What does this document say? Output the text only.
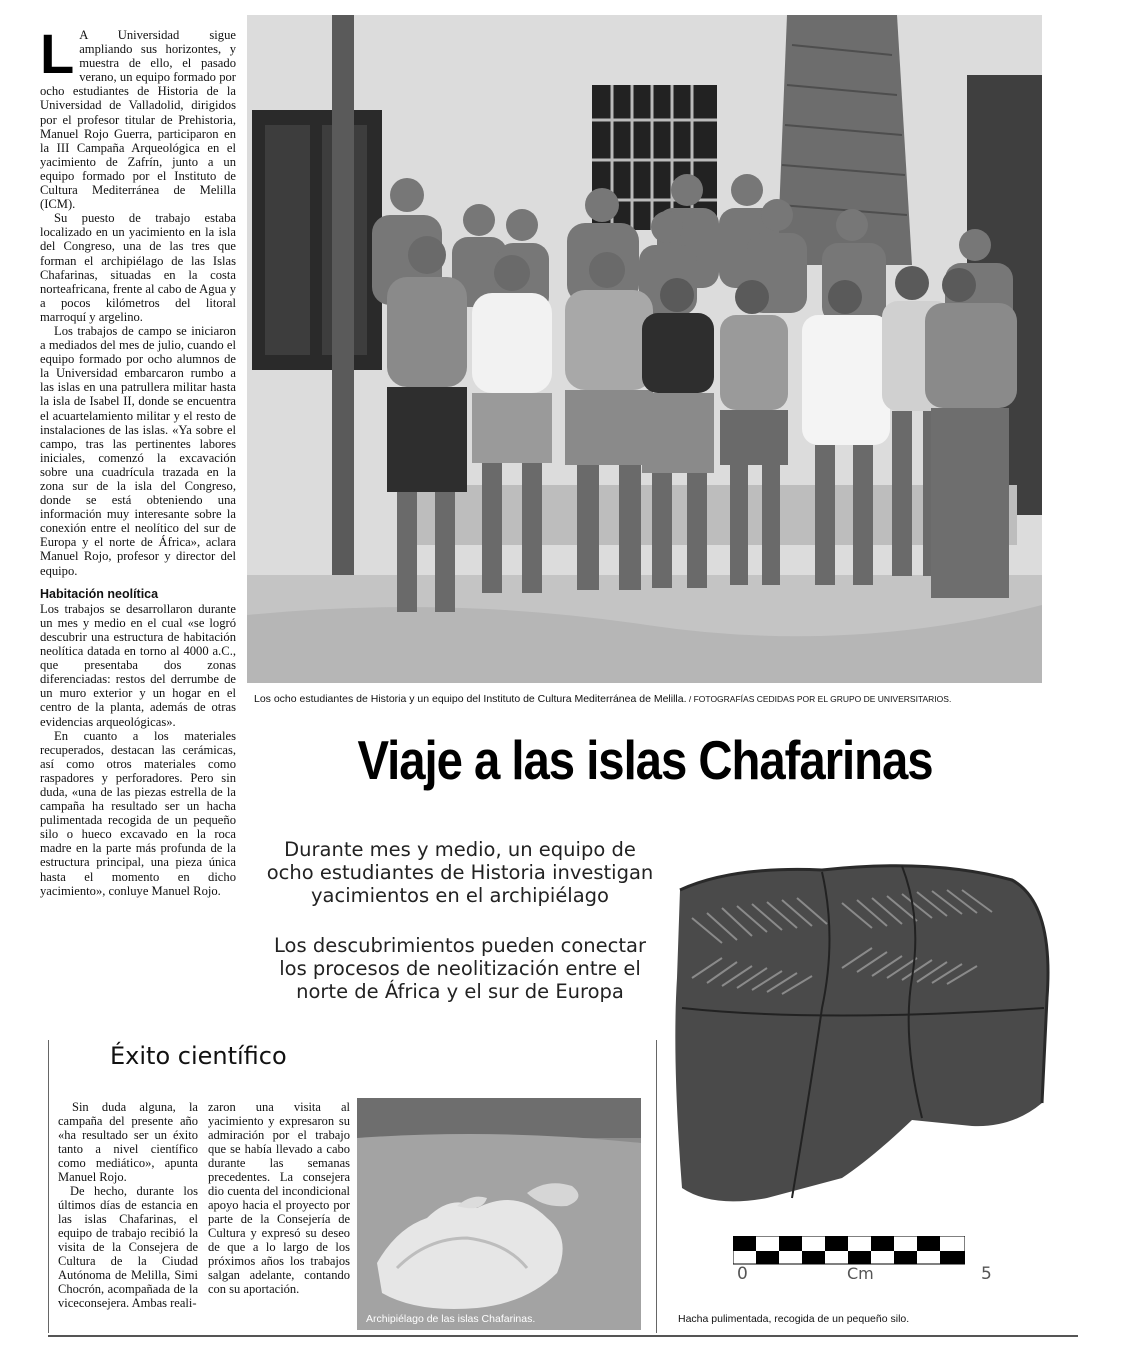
L A Universidad sigue ampliando sus horizontes, y muestra de ello, el pasado verano, un equipo formado por ocho estudiantes de Historia de la Universidad de Valladolid, dirigidos por el profesor titular de Prehistoria, Manuel Rojo Guerra, participaron en la III Campaña Arqueológica en el yacimiento de Zafrín, junto a un equipo formado por el Instituto de Cultura Mediterránea de Melilla (ICM).

Su puesto de trabajo estaba localizado en un yacimiento en la isla del Congreso, una de las tres que forman el archipiélago de las Islas Chafarinas, situadas en la costa norteafricana, frente al cabo de Agua y a pocos kilómetros del litoral marroquí y argelino.

Los trabajos de campo se iniciaron a mediados del mes de julio, cuando el equipo formado por ocho alumnos de la Universidad embarcaron rumbo a las islas en una patrullera militar hasta la isla de Isabel II, donde se encuentra el acuartelamiento militar y el resto de instalaciones de las islas. «Ya sobre el campo, tras las pertinentes labores iniciales, comenzó la excavación sobre una cuadrícula trazada en la zona sur de la isla del Congreso, donde se está obteniendo una información muy interesante sobre la conexión entre el neolítico del sur de Europa y el norte de África», aclara Manuel Rojo, profesor y director del equipo.

Habitación neolítica

Los trabajos se desarrollaron durante un mes y medio en el cual «se logró descubrir una estructura de habitación neolítica datada en torno al 4000 a.C., que presentaba dos zonas diferenciadas: restos del derrumbe de un muro exterior y un hogar en el centro de la planta, además de otras evidencias arqueológicas».

En cuanto a los materiales recuperados, destacan las cerámicas, así como otros materiales como raspadores y perforadores. Pero sin duda, «una de las piezas estrella de la campaña ha resultado ser un hacha pulimentada recogida de un pequeño silo o hueco excavado en la roca madre en la parte más profunda de la estructura principal, una pieza única hasta el momento en dicho yacimiento», conluye Manuel Rojo.

Los ocho estudiantes de Historia y un equipo del Instituto de Cultura Mediterránea de Melilla. / FOTOGRAFÍAS CEDIDAS POR EL GRUPO DE UNIVERSITARIOS.
Viaje a las islas Chafarinas
Durante mes y medio, un equipo de ocho estudiantes de Historia investigan yacimientos en el archipiélago
Los descubrimientos pueden conectar los procesos de neolitización entre el norte de África y el sur de Europa
0	Cm	5
Hacha pulimentada, recogida de un pequeño silo.
Éxito científico

Sin duda alguna, la campaña del presente año «ha resultado ser un éxito tanto a nivel científico como mediático», apunta Manuel Rojo.

De hecho, durante los últimos días de estancia en las islas Chafarinas, el equipo de trabajo recibió la visita de la Consejera de Cultura de la Ciudad Autónoma de Melilla, Simi Chocrón, acompañada de la viceconsejera. Ambas reali-

zaron una visita al yacimiento y expresaron su admiración por el trabajo que se había llevado a cabo durante las semanas precedentes. La consejera dio cuenta del incondicional apoyo hacia el proyecto por parte de la Consejería de Cultura y expresó su deseo de que a lo largo de los próximos años los trabajos salgan adelante, contando con su aportación.

Archipiélago de las islas Chafarinas.
